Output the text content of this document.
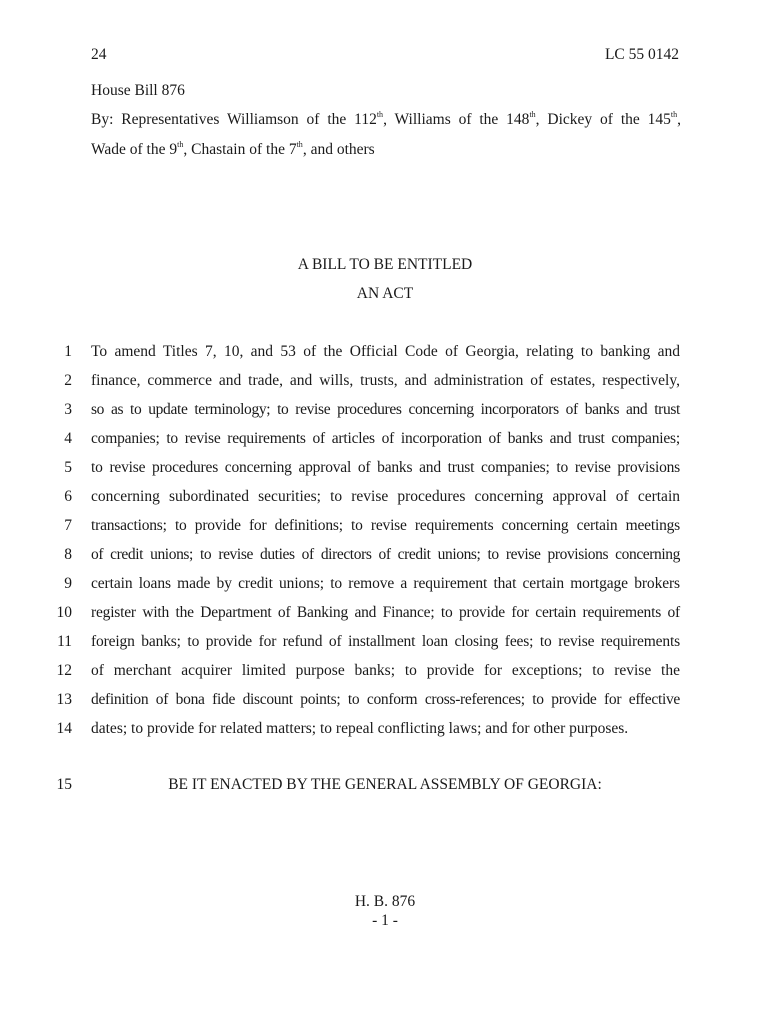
24	LC 55 0142
House Bill 876
By: Representatives Williamson of the 112th, Williams of the 148th, Dickey of the 145th,
Wade of the 9th, Chastain of the 7th, and others
A BILL TO BE ENTITLED
AN ACT
1 To amend Titles 7, 10, and 53 of the Official Code of Georgia, relating to banking and
2 finance, commerce and trade, and wills, trusts, and administration of estates, respectively,
3 so as to update terminology; to revise procedures concerning incorporators of banks and trust
4 companies; to revise requirements of articles of incorporation of banks and trust companies;
5 to revise procedures concerning approval of banks and trust companies; to revise provisions
6 concerning subordinated securities; to revise procedures concerning approval of certain
7 transactions; to provide for definitions; to revise requirements concerning certain meetings
8 of credit unions; to revise duties of directors of credit unions; to revise provisions concerning
9 certain loans made by credit unions; to remove a requirement that certain mortgage brokers
10 register with the Department of Banking and Finance; to provide for certain requirements of
11 foreign banks; to provide for refund of installment loan closing fees; to revise requirements
12 of merchant acquirer limited purpose banks; to provide for exceptions; to revise the
13 definition of bona fide discount points; to conform cross-references; to provide for effective
14 dates; to provide for related matters; to repeal conflicting laws; and for other purposes.
15	BE IT ENACTED BY THE GENERAL ASSEMBLY OF GEORGIA:
H. B. 876
- 1 -
